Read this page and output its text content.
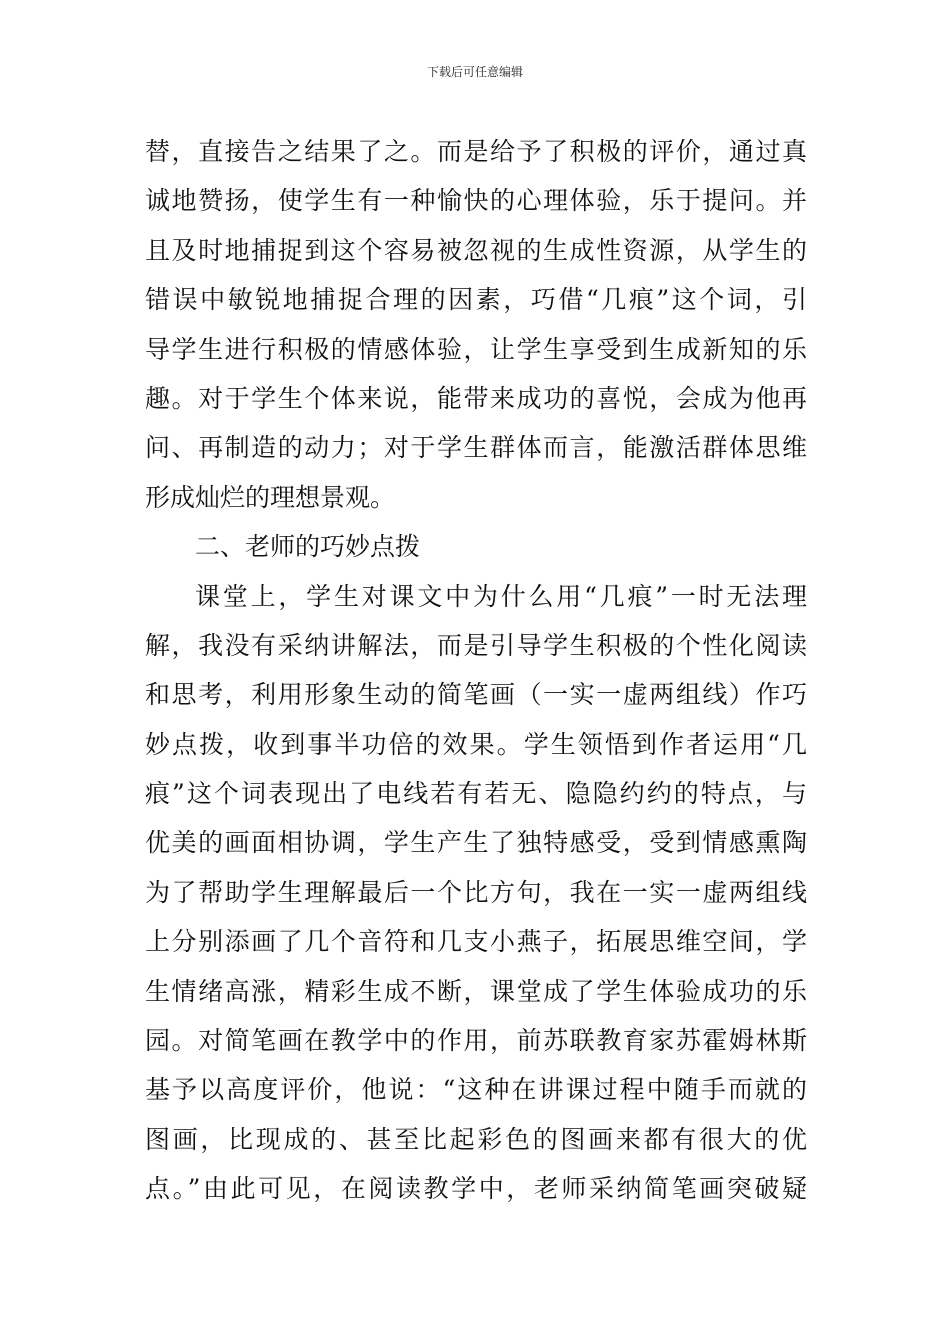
下载后可任意编辑
替，直接告之结果了之。而是给予了积极的评价，通过真
诚地赞扬，使学生有一种愉快的心理体验，乐于提问。并
且及时地捕捉到这个容易被忽视的生成性资源，从学生的
错误中敏锐地捕捉合理的因素，巧借“几痕”这个词，引
导学生进行积极的情感体验，让学生享受到生成新知的乐
趣。对于学生个体来说，能带来成功的喜悦，会成为他再
问、再制造的动力；对于学生群体而言，能激活群体思维
形成灿烂的理想景观。
二、老师的巧妙点拨
课堂上，学生对课文中为什么用“几痕”一时无法理
解，我没有采纳讲解法，而是引导学生积极的个性化阅读
和思考，利用形象生动的简笔画（一实一虚两组线）作巧
妙点拨，收到事半功倍的效果。学生领悟到作者运用“几
痕”这个词表现出了电线若有若无、隐隐约约的特点，与
优美的画面相协调，学生产生了独特感受，受到情感熏陶
为了帮助学生理解最后一个比方句，我在一实一虚两组线
上分别添画了几个音符和几支小燕子，拓展思维空间，学
生情绪高涨，精彩生成不断，课堂成了学生体验成功的乐
园。对简笔画在教学中的作用，前苏联教育家苏霍姆林斯
基予以高度评价，他说：“这种在讲课过程中随手而就的
图画，比现成的、甚至比起彩色的图画来都有很大的优
点。”由此可见，在阅读教学中，老师采纳简笔画突破疑
